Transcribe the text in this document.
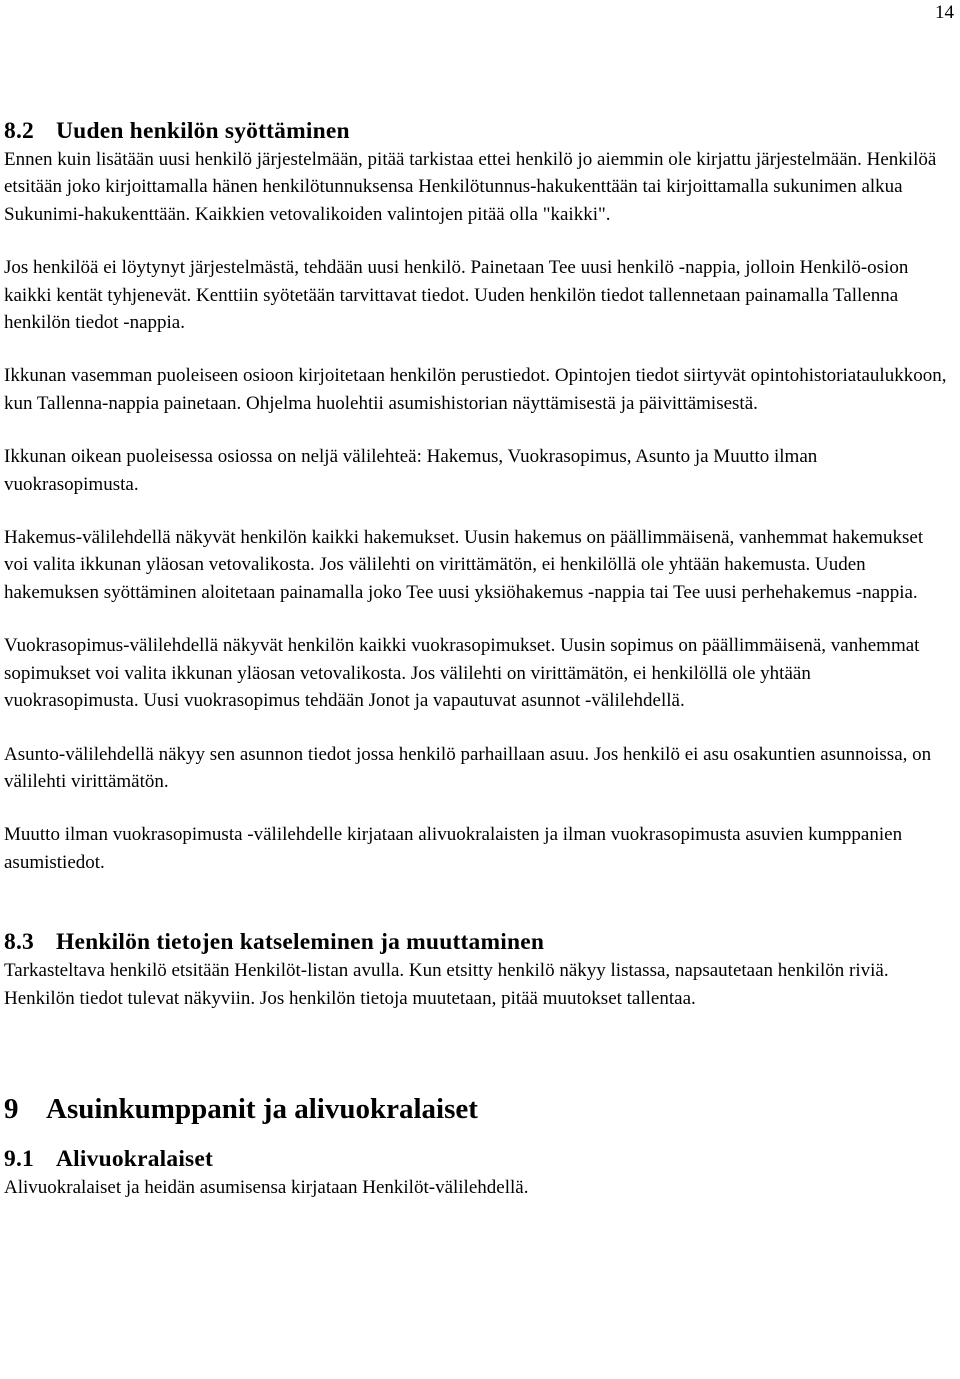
14
8.2 Uuden henkilön syöttäminen

Ennen kuin lisätään uusi henkilö järjestelmään, pitää tarkistaa ettei henkilö jo aiemmin ole kirjattu järjestelmään. Henkilöä etsitään joko kirjoittamalla hänen henkilötunnuksensa Henkilötunnus-hakukenttään tai kirjoittamalla sukunimen alkua Sukunimi-hakukenttään. Kaikkien vetovalikoiden valintojen pitää olla "kaikki".

Jos henkilöä ei löytynyt järjestelmästä, tehdään uusi henkilö. Painetaan Tee uusi henkilö -nappia, jolloin Henkilö-osion kaikki kentät tyhjenevät. Kenttiin syötetään tarvittavat tiedot. Uuden henkilön tiedot tallennetaan painamalla Tallenna henkilön tiedot -nappia.

Ikkunan vasemman puoleiseen osioon kirjoitetaan henkilön perustiedot. Opintojen tiedot siirtyvät opintohistoriataulukkoon, kun Tallenna-nappia painetaan. Ohjelma huolehtii asumishistorian näyttämisestä ja päivittämisestä.

Ikkunan oikean puoleisessa osiossa on neljä välilehteä: Hakemus, Vuokrasopimus, Asunto ja Muutto ilman vuokrasopimusta.

Hakemus-välilehdellä näkyvät henkilön kaikki hakemukset. Uusin hakemus on päällimmäisenä, vanhemmat hakemukset voi valita ikkunan yläosan vetovalikosta. Jos välilehti on virittämätön, ei henkilöllä ole yhtään hakemusta. Uuden hakemuksen syöttäminen aloitetaan painamalla joko Tee uusi yksiöhakemus -nappia tai Tee uusi perhehakemus -nappia.

Vuokrasopimus-välilehdellä näkyvät henkilön kaikki vuokrasopimukset. Uusin sopimus on päällimmäisenä, vanhemmat sopimukset voi valita ikkunan yläosan vetovalikosta. Jos välilehti on virittämätön, ei henkilöllä ole yhtään vuokrasopimusta. Uusi vuokrasopimus tehdään Jonot ja vapautuvat asunnot -välilehdellä.

Asunto-välilehdellä näkyy sen asunnon tiedot jossa henkilö parhaillaan asuu. Jos henkilö ei asu osakuntien asunnoissa, on välilehti virittämätön.

Muutto ilman vuokrasopimusta -välilehdelle kirjataan alivuokralaisten ja ilman vuokrasopimusta asuvien kumppanien asumistiedot.

8.3 Henkilön tietojen katseleminen ja muuttaminen

Tarkasteltava henkilö etsitään Henkilöt-listan avulla. Kun etsitty henkilö näkyy listassa, napsautetaan henkilön riviä. Henkilön tiedot tulevat näkyviin. Jos henkilön tietoja muutetaan, pitää muutokset tallentaa.

9 Asuinkumppanit ja alivuokralaiset
9.1 Alivuokralaiset

Alivuokralaiset ja heidän asumisensa kirjataan Henkilöt-välilehdellä.
